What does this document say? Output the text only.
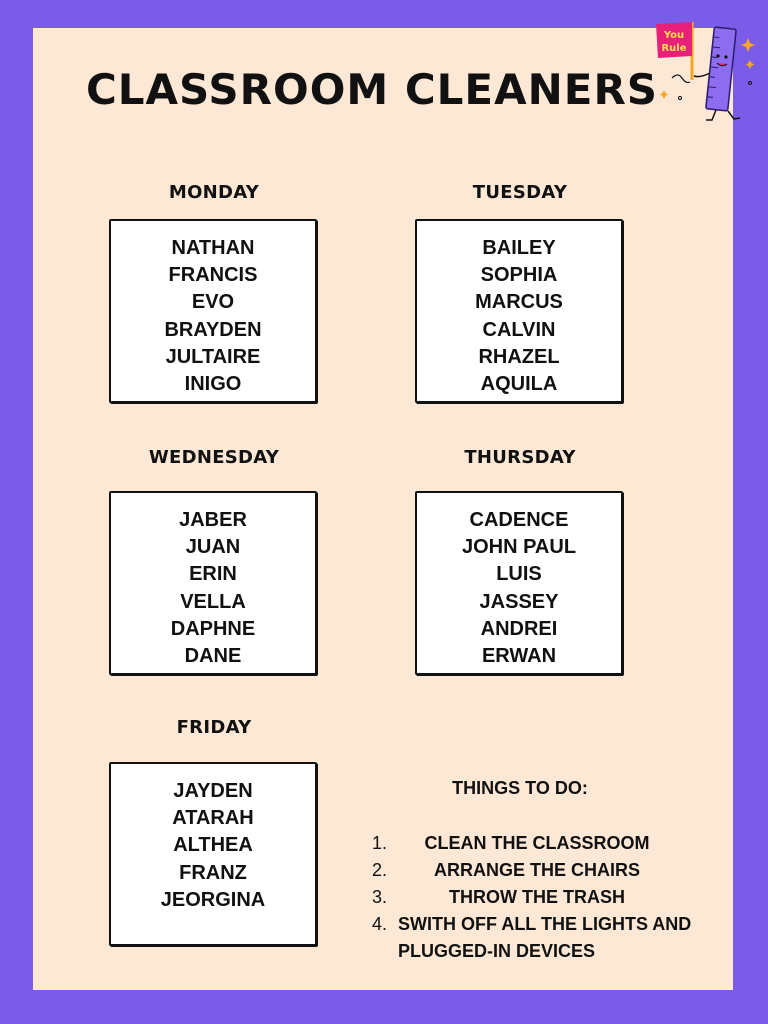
CLASSROOM CLEANERS
You
Rule
MONDAY
NATHAN
FRANCIS
EVO
BRAYDEN
JULTAIRE
INIGO
TUESDAY
BAILEY
SOPHIA
MARCUS
CALVIN
RHAZEL
AQUILA
WEDNESDAY
JABER
JUAN
ERIN
VELLA
DAPHNE
DANE
THURSDAY
CADENCE
JOHN PAUL
LUIS
JASSEY
ANDREI
ERWAN
FRIDAY
JAYDEN
ATARAH
ALTHEA
FRANZ
JEORGINA
THINGS TO DO:
1.	CLEAN THE CLASSROOM
2.	ARRANGE THE CHAIRS
3.	THROW THE TRASH
4. SWITH OFF ALL THE LIGHTS AND PLUGGED-IN DEVICES
